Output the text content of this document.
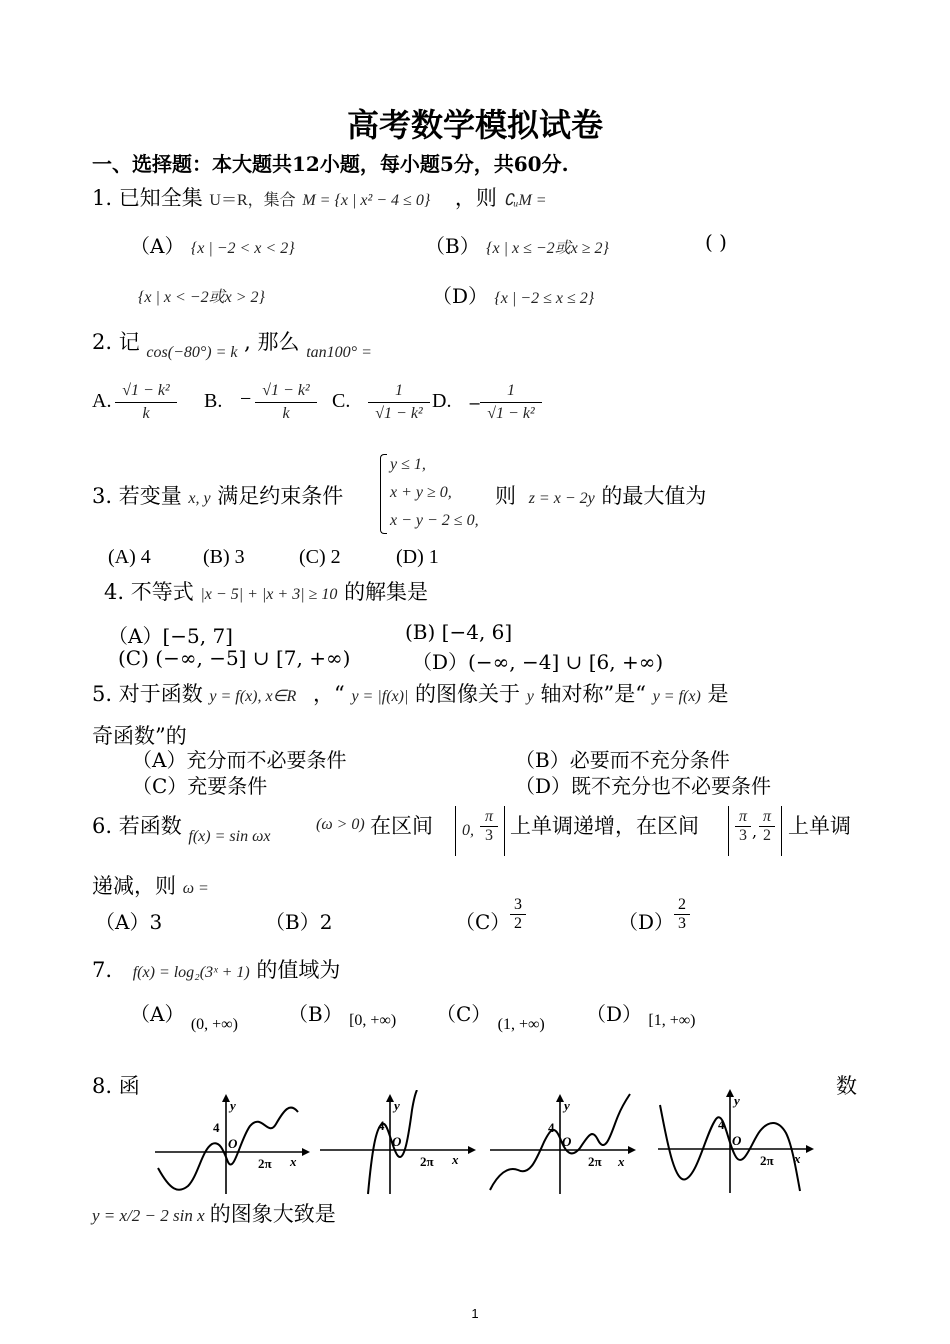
高考数学模拟试卷
一、选择题：本大题共12小题，每小题5分，共60分.
1. 已知全集 U＝R，集合 M = {x | x² − 4 ≤ 0} ，则 ∁ᵤM =
（A） {x | −2 < x < 2}	（B） {x | x ≤ −2或x ≥ 2}	( )
{x | x < −2或x > 2}	（D） {x | −2 ≤ x ≤ 2}
2. 记 $_{cos(-80^\circ) = k}$ , 那么 $_{tan100^\circ =}$
A. $\frac{\text{√1 − k²}}{k} B$. − $\frac{\text{√1 − k²}}{k} C$. $\frac{1}{\text{√1 − k²}} D$. −
$\frac{1}{\text{√1 − k²}}$
3. 若变量 x, y 满足约束条件
y ≤ 1,
x + y ≥ 0,
x − y − 2 ≤ 0,
则 z = x − 2y 的最大值为
(A) 4	(B) 3	(C) 2	(D) 1
4. 不等式 |x − 5| + |x + 3| ≥ 10 的解集是
（A）[−5, 7]	(B) [−4, 6]
(C) (−∞, −5] ∪ [7, +∞)	（D）(−∞, −4] ∪ [6, +∞)
5. 对于函数 y = f(x), x∈R ，“ y = |f(x)| 的图像关于 y 轴对称”是“ y = f(x) 是
奇函数”的
（A）充分而不必要条件	（B）必要而不充分条件
（C）充要条件	（D）既不充分也不必要条件
6. 若函数 $_{f(x) = sin \omega x}$
(ω > 0) 在区间 0, $\frac{\pi}{3}$ 上单调递增，在区间 π
3 ,
π
2 上单调
递减，则 ω =
（A）3	（B）2	$(C) \frac{3}{2}$	$(D) \frac{2}{3}$
7. f(x) = log₂(3ˣ + 1) 的值域为
（A） $_{(0, +\infty)}$	（B） $_{[0, +\infty)}$ （C） $_{(1, +\infty)}$ （D） $_{[1, +\infty)}$
8. 函	数
y
4
O
2π x
y
4
O
2π x
y
4
O
2π x
y
4
O
2π x
y = x/2 − 2 sin x 的图象大致是
1
